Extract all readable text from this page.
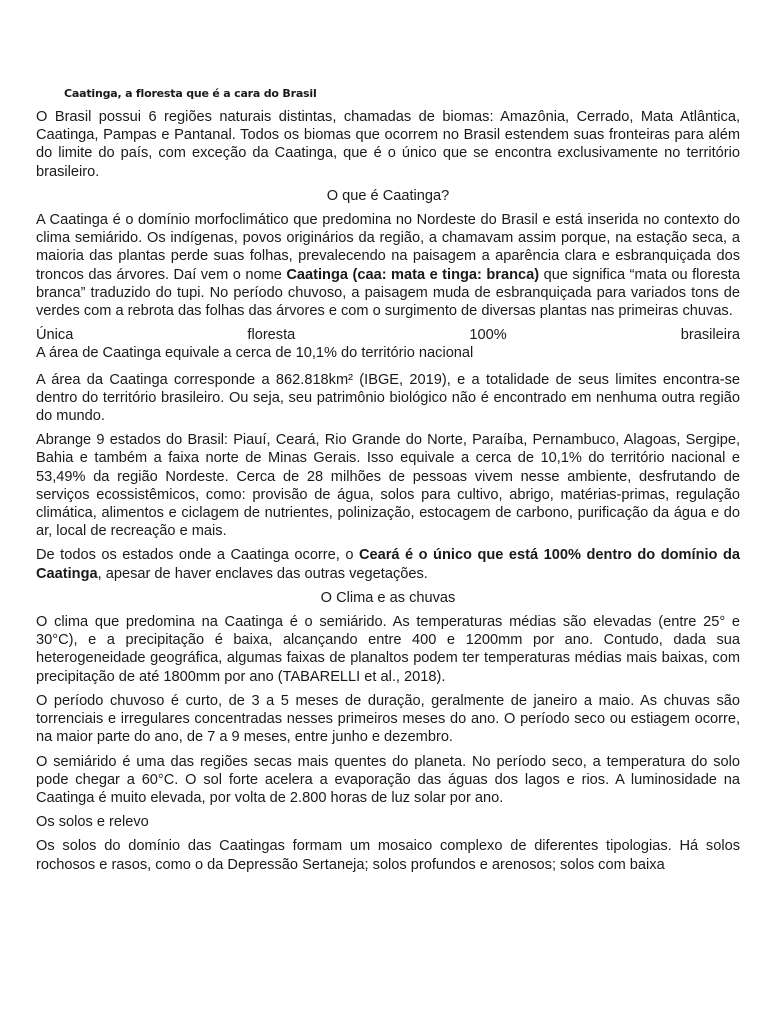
Caatinga, a floresta que é a cara do Brasil

O Brasil possui 6 regiões naturais distintas, chamadas de biomas: Amazônia, Cerrado, Mata Atlântica, Caatinga, Pampas e Pantanal. Todos os biomas que ocorrem no Brasil estendem suas fronteiras para além do limite do país, com exceção da Caatinga, que é o único que se encontra exclusivamente no território brasileiro.

O que é Caatinga?

A Caatinga é o domínio morfoclimático que predomina no Nordeste do Brasil e está inserida no contexto do clima semiárido. Os indígenas, povos originários da região, a chamavam assim porque, na estação seca, a maioria das plantas perde suas folhas, prevalecendo na paisagem a aparência clara e esbranquiçada dos troncos das árvores. Daí vem o nome Caatinga (caa: mata e tinga: branca) que significa “mata ou floresta branca” traduzido do tupi. No período chuvoso, a paisagem muda de esbranquiçada para variados tons de verdes com a rebrota das folhas das árvores e com o surgimento de diversas plantas nas primeiras chuvas.

Única	floresta	100%	brasileira

A área de Caatinga equivale a cerca de 10,1% do território nacional

A área da Caatinga corresponde a 862.818km² (IBGE, 2019), e a totalidade de seus limites encontra-se dentro do território brasileiro. Ou seja, seu patrimônio biológico não é encontrado em nenhuma outra região do mundo.

Abrange 9 estados do Brasil: Piauí, Ceará, Rio Grande do Norte, Paraíba, Pernambuco, Alagoas, Sergipe, Bahia e também a faixa norte de Minas Gerais. Isso equivale a cerca de 10,1% do território nacional e 53,49% da região Nordeste. Cerca de 28 milhões de pessoas vivem nesse ambiente, desfrutando de serviços ecossistêmicos, como: provisão de água, solos para cultivo, abrigo, matérias-primas, regulação climática, alimentos e ciclagem de nutrientes, polinização, estocagem de carbono, purificação da água e do ar, local de recreação e mais.

De todos os estados onde a Caatinga ocorre, o Ceará é o único que está 100% dentro do domínio da Caatinga, apesar de haver enclaves das outras vegetações.

O Clima e as chuvas

O clima que predomina na Caatinga é o semiárido. As temperaturas médias são elevadas (entre 25° e 30°C), e a precipitação é baixa, alcançando entre 400 e 1200mm por ano. Contudo, dada sua heterogeneidade geográfica, algumas faixas de planaltos podem ter temperaturas médias mais baixas, com precipitação de até 1800mm por ano (TABARELLI et al., 2018).

O período chuvoso é curto, de 3 a 5 meses de duração, geralmente de janeiro a maio. As chuvas são torrenciais e irregulares concentradas nesses primeiros meses do ano. O período seco ou estiagem ocorre, na maior parte do ano, de 7 a 9 meses, entre junho e dezembro.

O semiárido é uma das regiões secas mais quentes do planeta. No período seco, a temperatura do solo pode chegar a 60°C. O sol forte acelera a evaporação das águas dos lagos e rios. A luminosidade na Caatinga é muito elevada, por volta de 2.800 horas de luz solar por ano.

Os solos e relevo

Os solos do domínio das Caatingas formam um mosaico complexo de diferentes tipologias. Há solos rochosos e rasos, como o da Depressão Sertaneja; solos profundos e arenosos; solos com baixa
